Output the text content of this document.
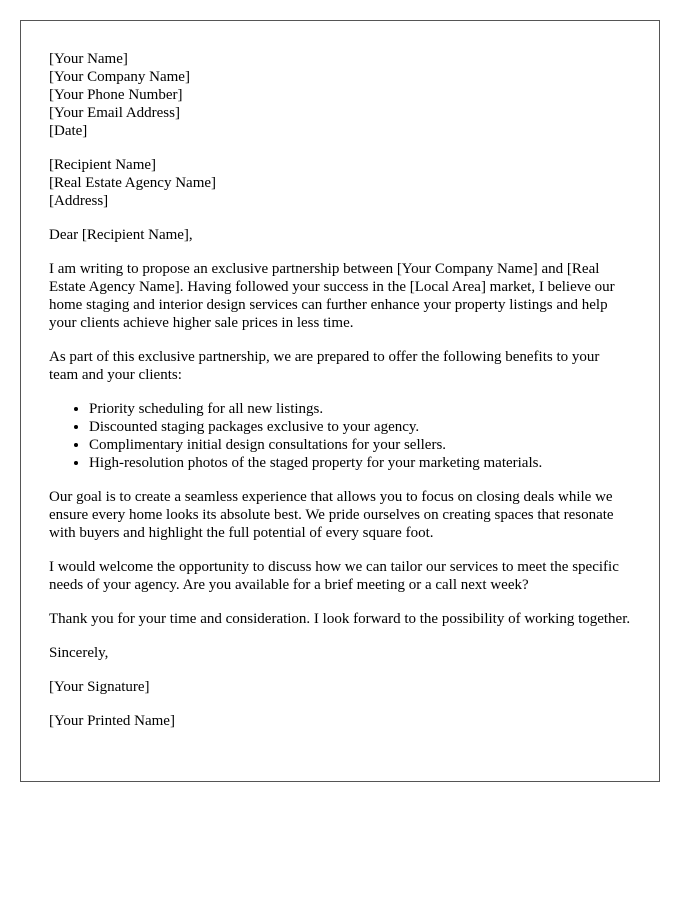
[Your Name]
[Your Company Name]
[Your Phone Number]
[Your Email Address]
[Date]
[Recipient Name]
[Real Estate Agency Name]
[Address]

Dear [Recipient Name],

I am writing to propose an exclusive partnership between [Your Company Name] and [Real Estate Agency Name]. Having followed your success in the [Local Area] market, I believe our home staging and interior design services can further enhance your property listings and help your clients achieve higher sale prices in less time.

As part of this exclusive partnership, we are prepared to offer the following benefits to your team and your clients:

• Priority scheduling for all new listings.
• Discounted staging packages exclusive to your agency.
• Complimentary initial design consultations for your sellers.
• High-resolution photos of the staged property for your marketing materials.

Our goal is to create a seamless experience that allows you to focus on closing deals while we ensure every home looks its absolute best. We pride ourselves on creating spaces that resonate with buyers and highlight the full potential of every square foot.

I would welcome the opportunity to discuss how we can tailor our services to meet the specific needs of your agency. Are you available for a brief meeting or a call next week?

Thank you for your time and consideration. I look forward to the possibility of working together.

Sincerely,

[Your Signature]

[Your Printed Name]
